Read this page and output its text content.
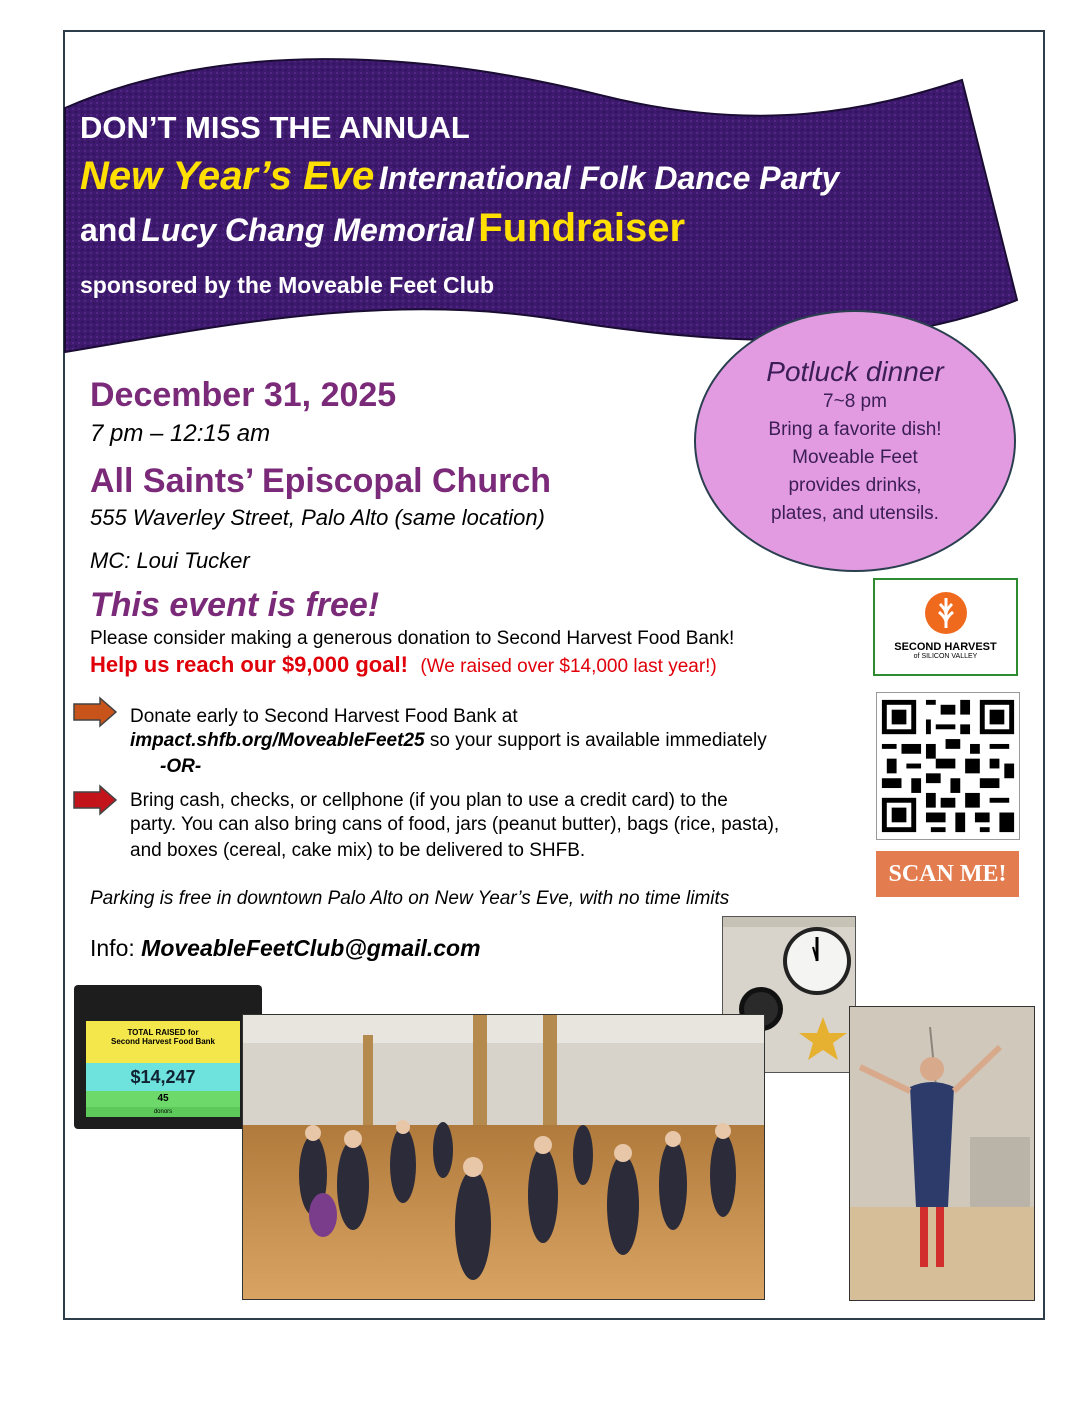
DON’T MISS THE ANNUAL
New Year’s Eve International Folk Dance Party
and Lucy Chang Memorial Fundraiser
sponsored by the Moveable Feet Club
December 31, 2025
7 pm – 12:15 am
All Saints’ Episcopal Church
555 Waverley Street, Palo Alto (same location)
MC: Loui Tucker
Potluck dinner
7~8 pm
Bring a favorite dish!
Moveable Feet
provides drinks,
plates, and utensils.
This event is free!
Please consider making a generous donation to Second Harvest Food Bank!
Help us reach our $9,000 goal! (We raised over $14,000 last year!)
SECOND HARVEST
of SILICON VALLEY
SCAN ME!
Donate early to Second Harvest Food Bank at
impact.shfb.org/MoveableFeet25 so your support is available immediately
-OR-
Bring cash, checks, or cellphone (if you plan to use a credit card) to the
party. You can also bring cans of food, jars (peanut butter), bags (rice, pasta),
and boxes (cereal, cake mix) to be delivered to SHFB.
Parking is free in downtown Palo Alto on New Year’s Eve, with no time limits
Info: MoveableFeetClub@gmail.com
TOTAL RAISED for
Second Harvest Food Bank
$14,247
45
donors
